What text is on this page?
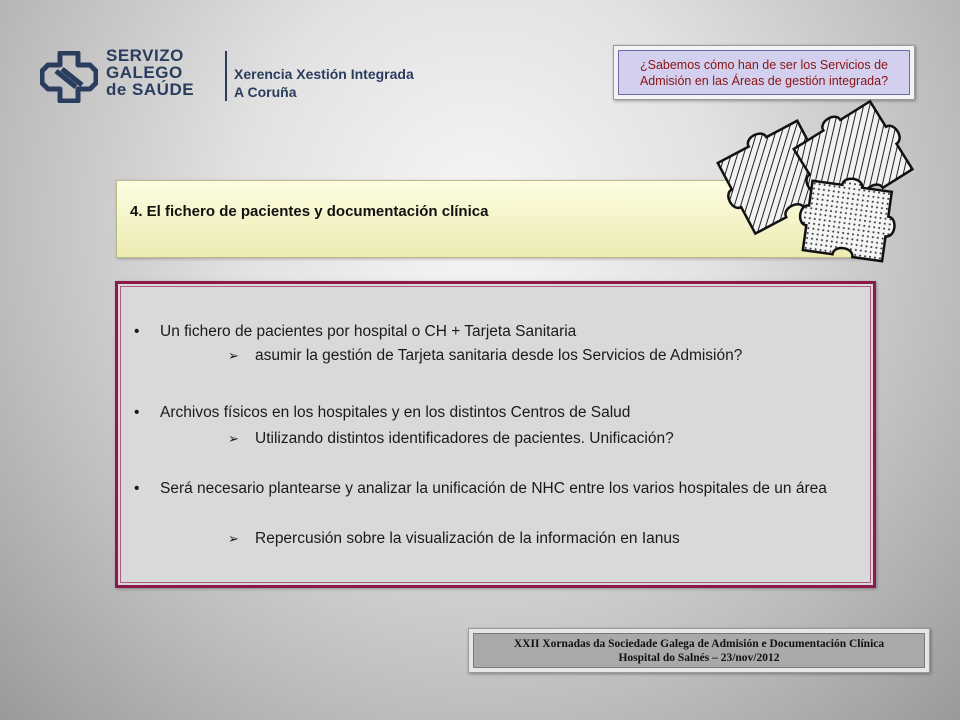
SERVIZO
GALEGO
de SAÚDE
Xerencia Xestión Integrada
A Coruña
¿Sabemos cómo han de ser los Servicios de
Admisión en las Áreas de gestión integrada?
4. El fichero de pacientes y documentación clínica
• Un fichero de pacientes por hospital o CH + Tarjeta Sanitaria
➢ asumir la gestión de Tarjeta sanitaria desde los Servicios de Admisión?
• Archivos físicos en los hospitales y en los distintos Centros de Salud
➢ Utilizando distintos identificadores de pacientes. Unificación?
• Será necesario plantearse y analizar la unificación de NHC entre los varios hospitales de un área
➢ Repercusión sobre la visualización de la información en Ianus
XXII Xornadas da Sociedade Galega de Admisión e Documentación Clínica
Hospital do Salnés – 23/nov/2012
